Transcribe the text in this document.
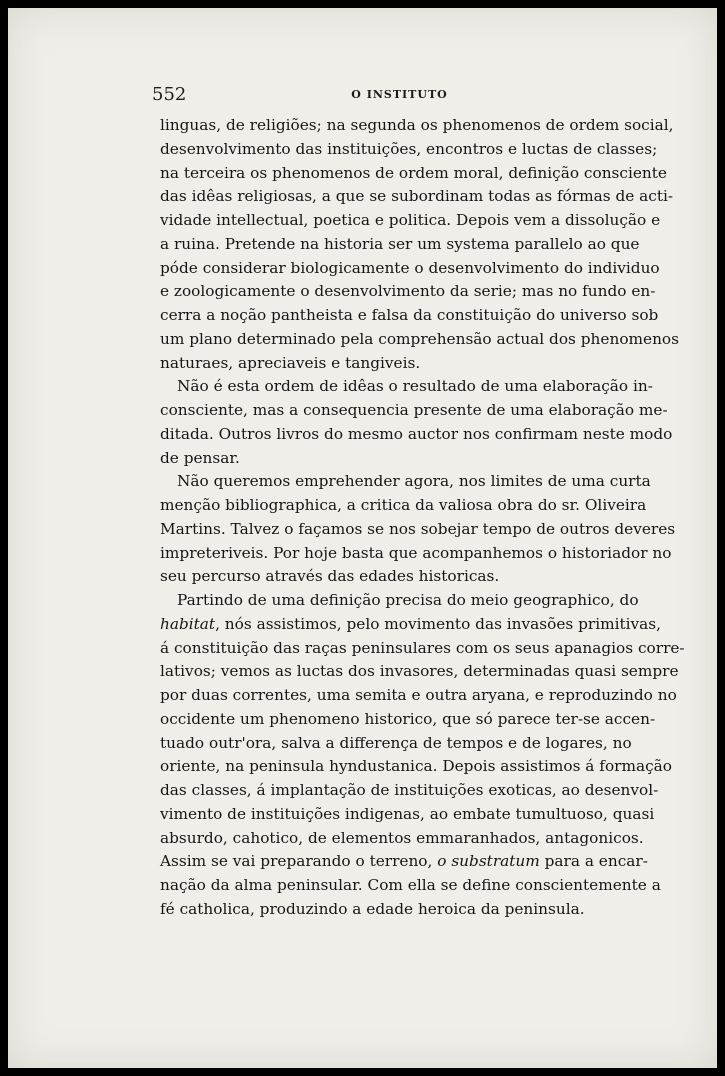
552	O INSTITUTO
linguas, de religiões; na segunda os phenomenos de ordem social,
desenvolvimento das instituições, encontros e luctas de classes;
na terceira os phenomenos de ordem moral, definição consciente
das idêas religiosas, a que se subordinam todas as fórmas de acti-
vidade intellectual, poetica e politica. Depois vem a dissolução e
a ruina. Pretende na historia ser um systema parallelo ao que
póde considerar biologicamente o desenvolvimento do individuo
e zoologicamente o desenvolvimento da serie; mas no fundo en-
cerra a noção pantheista e falsa da constituição do universo sob
um plano determinado pela comprehensão actual dos phenomenos
naturaes, apreciaveis e tangiveis.
Não é esta ordem de idêas o resultado de uma elaboração in-
consciente, mas a consequencia presente de uma elaboração me-
ditada. Outros livros do mesmo auctor nos confirmam neste modo
de pensar.
Não queremos emprehender agora, nos limites de uma curta
menção bibliographica, a critica da valiosa obra do sr. Oliveira
Martins. Talvez o façamos se nos sobejar tempo de outros deveres
impreteriveis. Por hoje basta que acompanhemos o historiador no
seu percurso através das edades historicas.
Partindo de uma definição precisa do meio geographico, do
habitat, nós assistimos, pelo movimento das invasões primitivas,
á constituição das raças peninsulares com os seus apanagios corre-
lativos; vemos as luctas dos invasores, determinadas quasi sempre
por duas correntes, uma semita e outra aryana, e reproduzindo no
occidente um phenomeno historico, que só parece ter-se accen-
tuado outr'ora, salva a differença de tempos e de logares, no
oriente, na peninsula hyndustanica. Depois assistimos á formação
das classes, á implantação de instituições exoticas, ao desenvol-
vimento de instituições indigenas, ao embate tumultuoso, quasi
absurdo, cahotico, de elementos emmaranhados, antagonicos.
Assim se vai preparando o terreno, o substratum para a encar-
nação da alma peninsular. Com ella se define conscientemente a
fé catholica, produzindo a edade heroica da peninsula.
